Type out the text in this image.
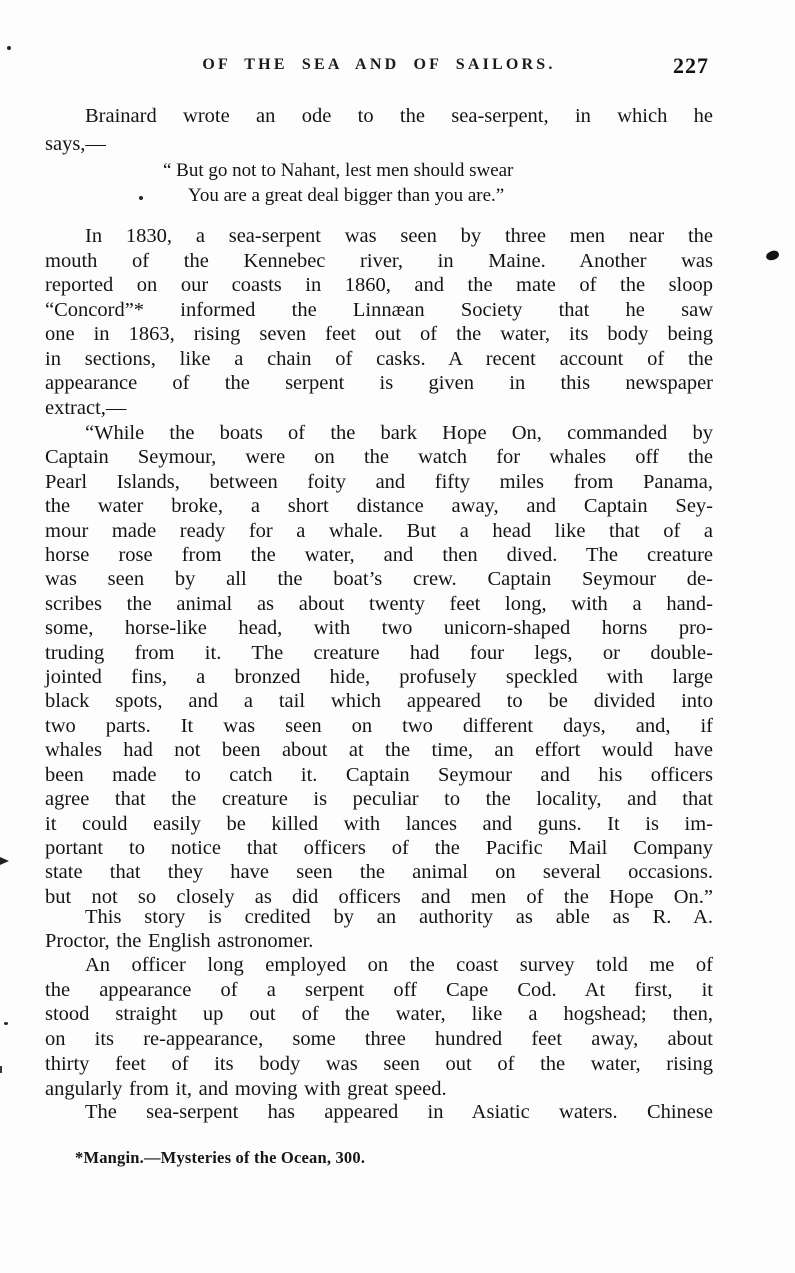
OF THE SEA AND OF SAILORS.	227
Brainard wrote an ode to the sea-serpent, in which he
says,—
“ But go not to Nahant, lest men should swear
You are a great deal bigger than you are.”
In 1830, a sea-serpent was seen by three men near the
mouth of the Kennebec river, in Maine. Another was
reported on our coasts in 1860, and the mate of the sloop
“Concord”* informed the Linnæan Society that he saw
one in 1863, rising seven feet out of the water, its body being
in sections, like a chain of casks. A recent account of the
appearance of the serpent is given in this newspaper
extract,—
“While the boats of the bark Hope On, commanded by
Captain Seymour, were on the watch for whales off the
Pearl Islands, between foity and fifty miles from Panama,
the water broke, a short distance away, and Captain Sey-
mour made ready for a whale. But a head like that of a
horse rose from the water, and then dived. The creature
was seen by all the boat’s crew. Captain Seymour de-
scribes the animal as about twenty feet long, with a hand-
some, horse-like head, with two unicorn-shaped horns pro-
truding from it. The creature had four legs, or double-
jointed fins, a bronzed hide, profusely speckled with large
black spots, and a tail which appeared to be divided into
two parts. It was seen on two different days, and, if
whales had not been about at the time, an effort would have
been made to catch it. Captain Seymour and his officers
agree that the creature is peculiar to the locality, and that
it could easily be killed with lances and guns. It is im-
portant to notice that officers of the Pacific Mail Company
state that they have seen the animal on several occasions.
but not so closely as did officers and men of the Hope On.”
This story is credited by an authority as able as R. A.
Proctor, the English astronomer.
An officer long employed on the coast survey told me of
the appearance of a serpent off Cape Cod. At first, it
stood straight up out of the water, like a hogshead; then,
on its re-appearance, some three hundred feet away, about
thirty feet of its body was seen out of the water, rising
angularly from it, and moving with great speed.
The sea-serpent has appeared in Asiatic waters. Chinese
*Mangin.—Mysteries of the Ocean, 300.
